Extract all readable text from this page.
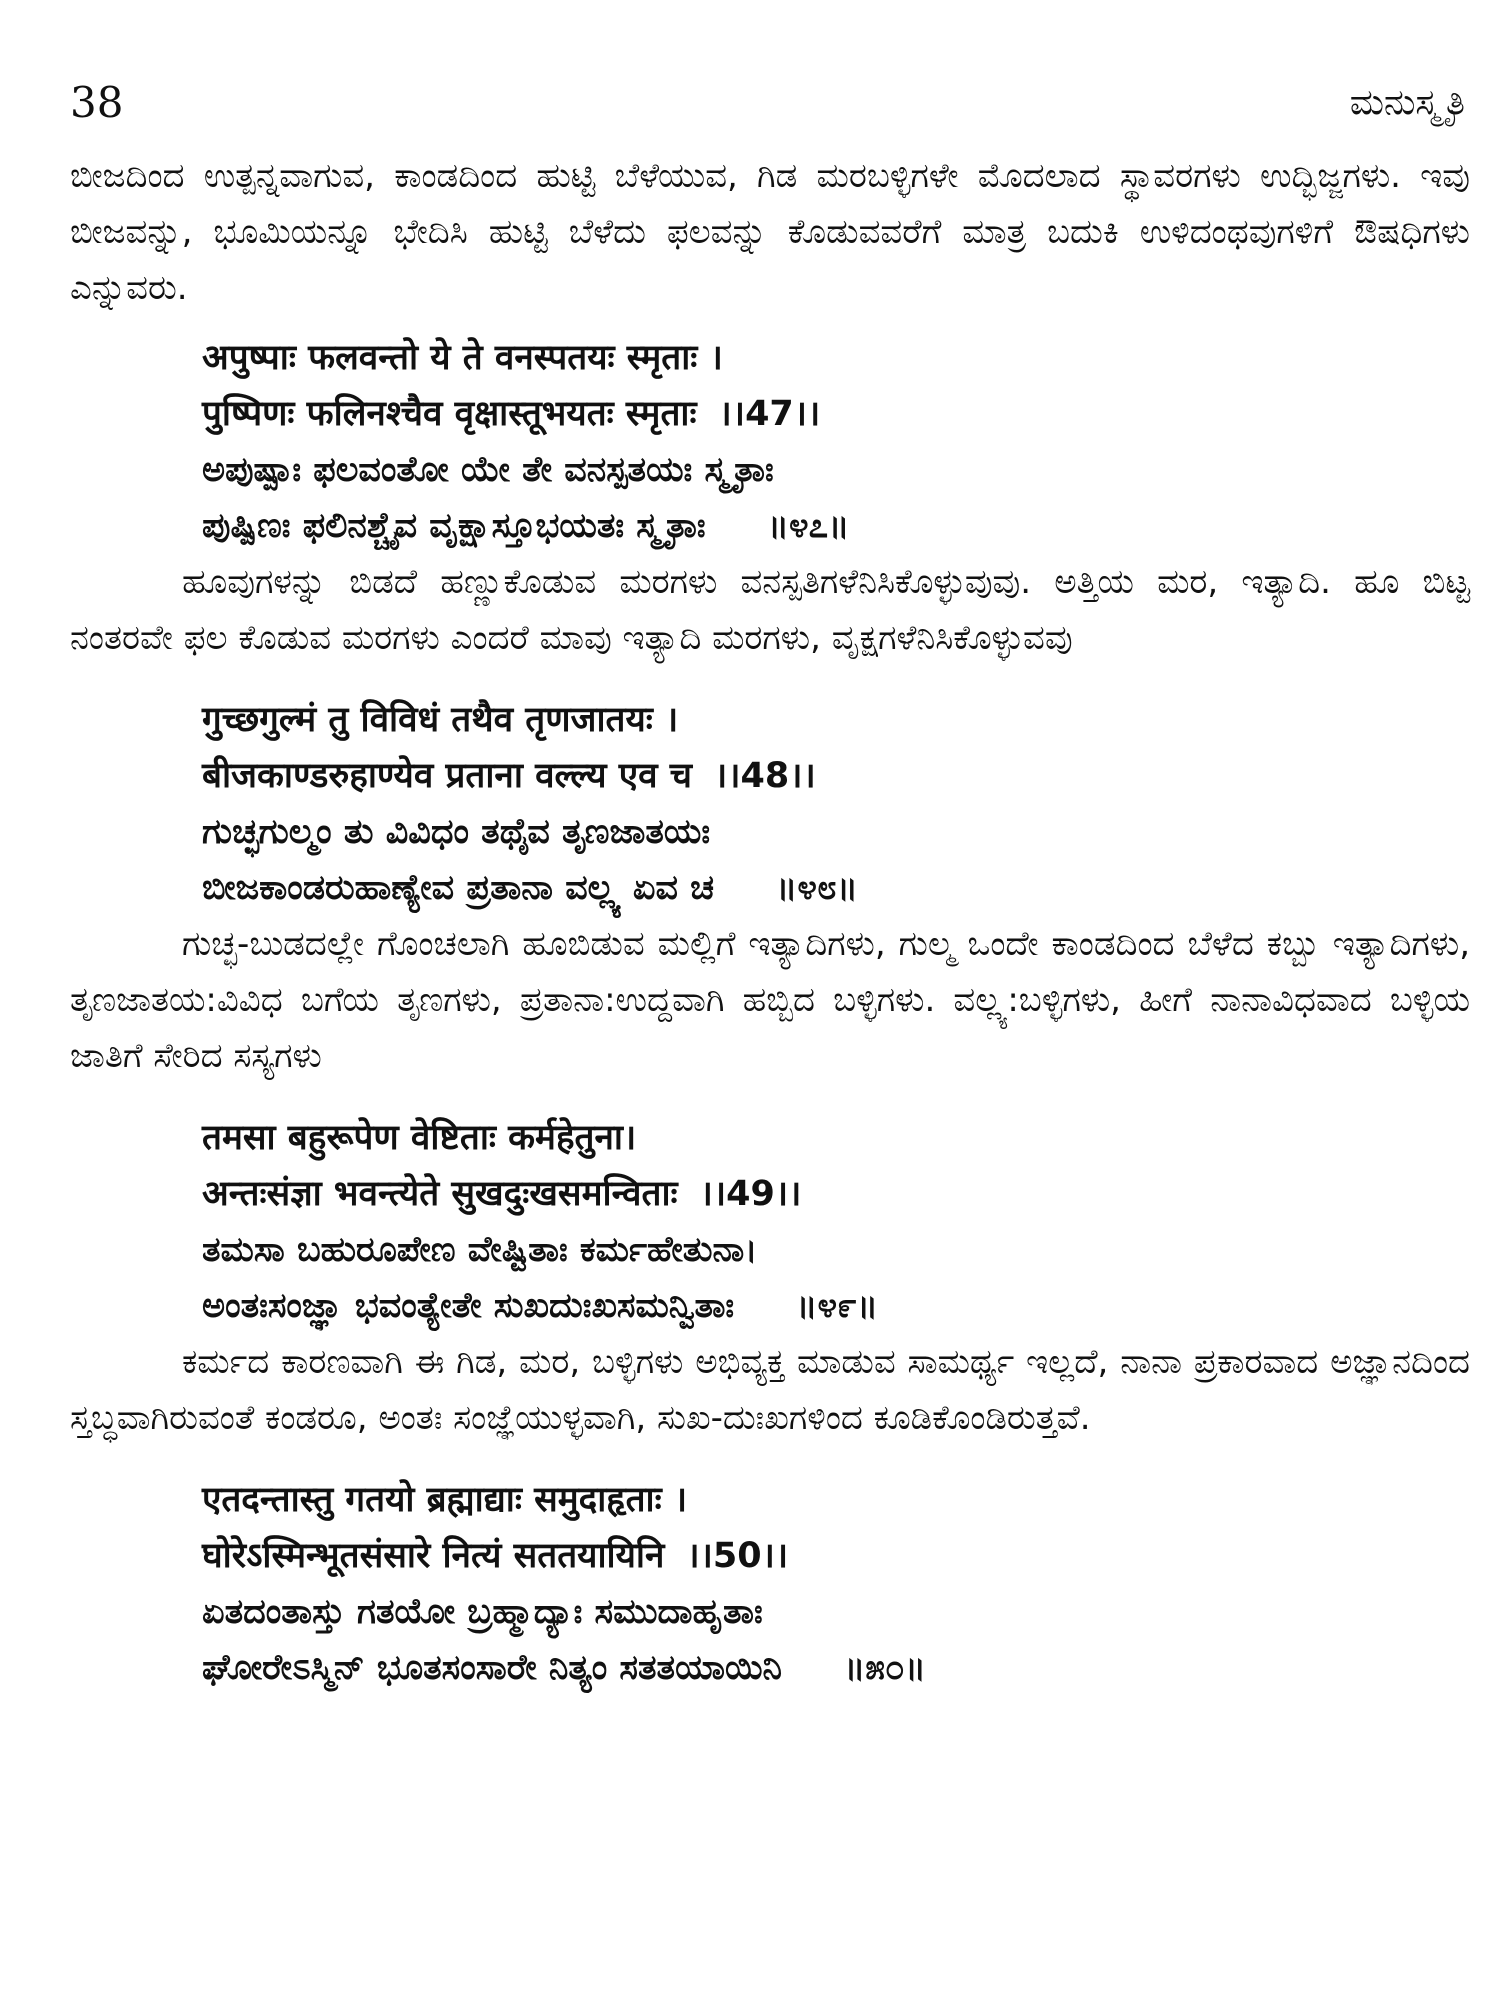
38	ಮನುಸ್ಮೃತಿ

ಬೀಜದಿಂದ ಉತ್ಪನ್ನವಾಗುವ, ಕಾಂಡದಿಂದ ಹುಟ್ಟಿ ಬೆಳೆಯುವ, ಗಿಡ ಮರಬಳ್ಳಿಗಳೇ ಮೊದಲಾದ ಸ್ಥಾವರಗಳು ಉದ್ಭಿಜ್ಜಗಳು. ಇವು ಬೀಜವನ್ನು, ಭೂಮಿಯನ್ನೂ ಭೇದಿಸಿ ಹುಟ್ಟಿ ಬೆಳೆದು ಫಲವನ್ನು ಕೊಡುವವರೆಗೆ ಮಾತ್ರ ಬದುಕಿ ಉಳಿದಂಥವುಗಳಿಗೆ ಔಷಧಿಗಳು ಎನ್ನುವರು.

अपुष्पाः फलवन्तो ये ते वनस्पतयः स्मृताः ।
पुष्पिणः फलिनश्चैव वृक्षास्तूभयतः स्मृताः ।।47।।
ಅಪುಷ್ಪಾಃ ಫಲವಂತೋ ಯೇ ತೇ ವನಸ್ಪತಯಃ ಸ್ಮೃತಾಃ
ಪುಷ್ಪಿಣಃ ಫಲಿನಶ್ಚೈವ ವೃಕ್ಷಾಸ್ತೂಭಯತಃ ಸ್ಮೃತಾಃ ॥೪೭॥

ಹೂವುಗಳನ್ನು ಬಿಡದೆ ಹಣ್ಣುಕೊಡುವ ಮರಗಳು ವನಸ್ಪತಿಗಳೆನಿಸಿಕೊಳ್ಳುವುವು. ಅತ್ತಿಯ ಮರ, ಇತ್ಯಾದಿ. ಹೂ ಬಿಟ್ಟ ನಂತರವೇ ಫಲ ಕೊಡುವ ಮರಗಳು ಎಂದರೆ ಮಾವು ಇತ್ಯಾದಿ ಮರಗಳು, ವೃಕ್ಷಗಳೆನಿಸಿಕೊಳ್ಳುವವು

गुच्छगुल्मं तु विविधं तथैव तृणजातयः ।
बीजकाण्डरुहाण्येव प्रताना वल्ल्य एव च ।।48।।
ಗುಚ್ಛಗುಲ್ಮಂ ತು ವಿವಿಧಂ ತಥೈವ ತೃಣಜಾತಯಃ
ಬೀಜಕಾಂಡರುಹಾಣ್ಯೇವ ಪ್ರತಾನಾ ವಲ್ಲ್ಯ ಏವ ಚ ॥೪೮॥

ಗುಚ್ಛ-ಬುಡದಲ್ಲೇ ಗೊಂಚಲಾಗಿ ಹೂಬಿಡುವ ಮಲ್ಲಿಗೆ ಇತ್ಯಾದಿಗಳು, ಗುಲ್ಮ ಒಂದೇ ಕಾಂಡದಿಂದ ಬೆಳೆದ ಕಬ್ಬು ಇತ್ಯಾದಿಗಳು, ತೃಣಜಾತಯ:ವಿವಿಧ ಬಗೆಯ ತೃಣಗಳು, ಪ್ರತಾನಾ:ಉದ್ದವಾಗಿ ಹಬ್ಬಿದ ಬಳ್ಳಿಗಳು. ವಲ್ಲ್ಯ:ಬಳ್ಳಿಗಳು, ಹೀಗೆ ನಾನಾವಿಧವಾದ ಬಳ್ಳಿಯ ಜಾತಿಗೆ ಸೇರಿದ ಸಸ್ಯಗಳು

तमसा बहुरूपेण वेष्टिताः कर्महेतुना।
अन्तःसंज्ञा भवन्त्येते सुखदुःखसमन्विताः ।।49।।
ತಮಸಾ ಬಹುರೂಪೇಣ ವೇಷ್ಟಿತಾಃ ಕರ್ಮಹೇತುನಾ।
ಅಂತಃಸಂಜ್ಞಾ ಭವಂತ್ಯೇತೇ ಸುಖದುಃಖಸಮನ್ವಿತಾಃ ॥೪೯॥

ಕರ್ಮದ ಕಾರಣವಾಗಿ ಈ ಗಿಡ, ಮರ, ಬಳ್ಳಿಗಳು ಅಭಿವ್ಯಕ್ತ ಮಾಡುವ ಸಾಮರ್ಥ್ಯ ಇಲ್ಲದೆ, ನಾನಾ ಪ್ರಕಾರವಾದ ಅಜ್ಞಾನದಿಂದ ಸ್ತಬ್ಧವಾಗಿರುವಂತೆ ಕಂಡರೂ, ಅಂತಃ ಸಂಜ್ಞೆಯುಳ್ಳವಾಗಿ, ಸುಖ-ದುಃಖಗಳಿಂದ ಕೂಡಿಕೊಂಡಿರುತ್ತವೆ.

एतदन्तास्तु गतयो ब्रह्माद्याः समुदाहृताः ।
घोरेऽस्मिन्भूतसंसारे नित्यं सततयायिनि ।।50।।
ಏತದಂತಾಸ್ತು ಗತಯೋ ಬ್ರಹ್ಮಾದ್ಯಾಃ ಸಮುದಾಹೃತಾಃ
ಘೋರೇಽಸ್ಮಿನ್ ಭೂತಸಂಸಾರೇ ನಿತ್ಯಂ ಸತತಯಾಯಿನಿ ॥೫೦॥
